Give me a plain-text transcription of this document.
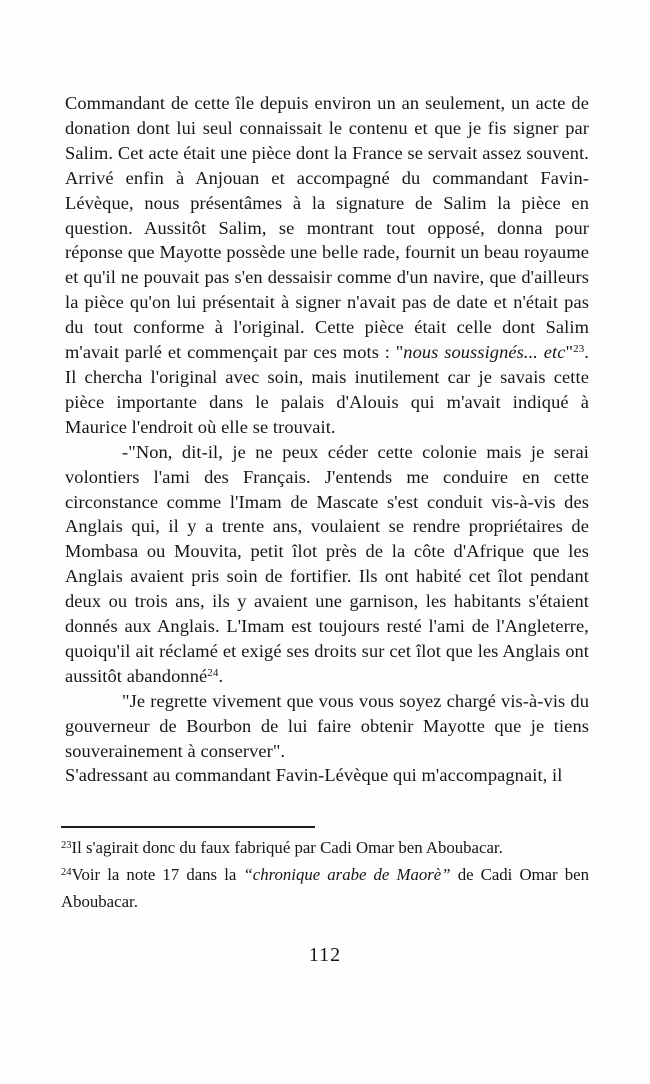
Commandant de cette île depuis environ un an seulement, un acte de donation dont lui seul connaissait le contenu et que je fis signer par Salim. Cet acte était une pièce dont la France se servait assez souvent. Arrivé enfin à Anjouan et accompagné du commandant Favin-Lévèque, nous présentâmes à la signature de Salim la pièce en question. Aussitôt Salim, se montrant tout opposé, donna pour réponse que Mayotte possède une belle rade, fournit un beau royaume et qu'il ne pouvait pas s'en dessaisir comme d'un navire, que d'ailleurs la pièce qu'on lui présentait à signer n'avait pas de date et n'était pas du tout conforme à l'original. Cette pièce était celle dont Salim m'avait parlé et commençait par ces mots : "nous soussignés... etc"$^{23}$. Il chercha l'original avec soin, mais inutilement car je savais cette pièce importante dans le palais d'Alouis qui m'avait indiqué à Maurice l'endroit où elle se trouvait.

-"Non, dit-il, je ne peux céder cette colonie mais je serai volontiers l'ami des Français. J'entends me conduire en cette circonstance comme l'Imam de Mascate s'est conduit vis-à-vis des Anglais qui, il y a trente ans, voulaient se rendre propriétaires de Mombasa ou Mouvita, petit îlot près de la côte d'Afrique que les Anglais avaient pris soin de fortifier. Ils ont habité cet îlot pendant deux ou trois ans, ils y avaient une garnison, les habitants s'étaient donnés aux Anglais. L'Imam est toujours resté l'ami de l'Angleterre, quoiqu'il ait réclamé et exigé ses droits sur cet îlot que les Anglais ont aussitôt abandonné$^{24}$.

"Je regrette vivement que vous vous soyez chargé vis-à-vis du gouverneur de Bourbon de lui faire obtenir Mayotte que je tiens souverainement à conserver".

S'adressant au commandant Favin-Lévèque qui m'accompagnait, il

$^{23}$Il s'agirait donc du faux fabriqué par Cadi Omar ben Aboubacar.

$^{24}$Voir la note 17 dans la “chronique arabe de Maorè” de Cadi Omar ben Aboubacar.

112
